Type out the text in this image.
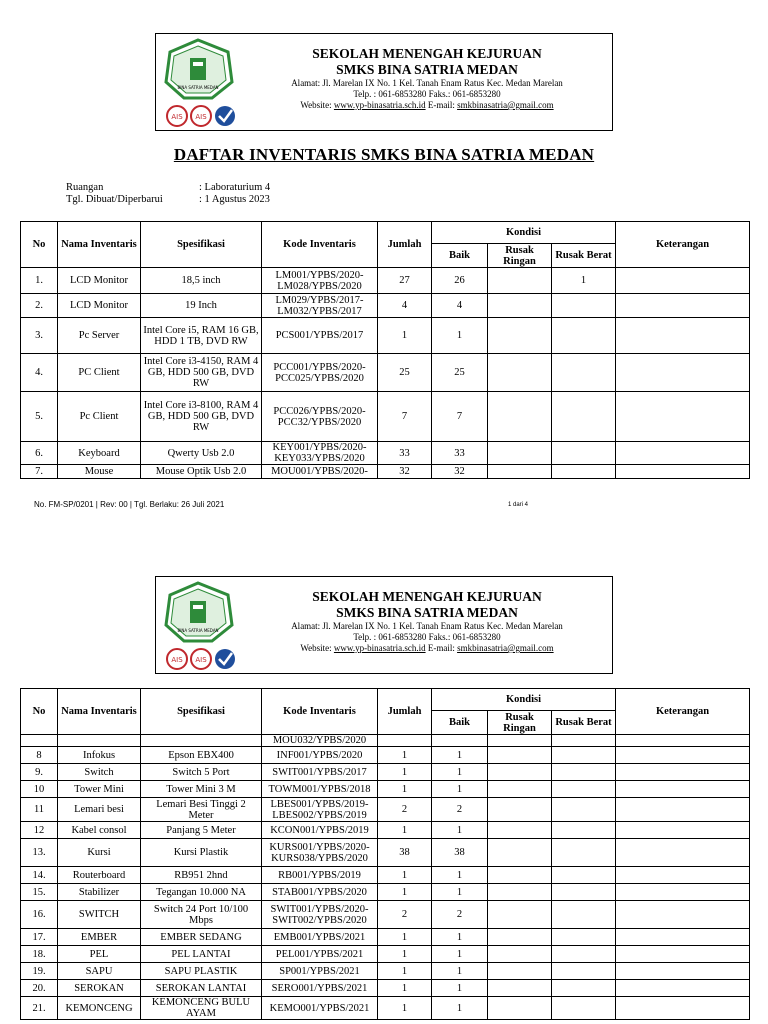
BINA SATRIA MEDAN
AIS AIS
SEKOLAH MENENGAH KEJURUAN
SMKS BINA SATRIA MEDAN
Alamat: Jl. Marelan IX No. 1 Kel. Tanah Enam Ratus Kec. Medan Marelan
Telp. : 061-6853280 Faks.: 061-6853280
Website: www.yp-binasatria.sch.id E-mail: smkbinasatria@gmail.com
DAFTAR INVENTARIS SMKS BINA SATRIA MEDAN
Ruangan	: Laboraturium 4
Tgl. Dibuat/Diperbarui	: 1 Agustus 2023
No	Nama Inventaris	Spesifikasi	Kode Inventaris	Jumlah	Kondisi			Keterangan
					Baik	Rusak Ringan	Rusak Berat	
1.	LCD Monitor	18,5 inch	LM001/YPBS/2020-LM028/YPBS/2020	27	26		1	
2.	LCD Monitor	19 Inch	LM029/YPBS/2017-LM032/YPBS/2017	4	4			
3.	Pc Server	Intel Core i5, RAM 16 GB, HDD 1 TB, DVD RW	PCS001/YPBS/2017	1	1			
4.	PC Client	Intel Core i3-4150, RAM 4 GB, HDD 500 GB, DVD RW	PCC001/YPBS/2020-PCC025/YPBS/2020	25	25			
5.	Pc Client	Intel Core i3-8100, RAM 4 GB, HDD 500 GB, DVD RW	PCC026/YPBS/2020-PCC32/YPBS/2020	7	7			
6.	Keyboard	Qwerty Usb 2.0	KEY001/YPBS/2020-KEY033/YPBS/2020	33	33			
7.	Mouse	Mouse Optik Usb 2.0	MOU001/YPBS/2020-	32	32			
No. FM-SP/0201 | Rev: 00 | Tgl. Berlaku: 26 Juli 2021	1 dari 4
BINA SATRIA MEDAN
AIS AIS
SEKOLAH MENENGAH KEJURUAN
SMKS BINA SATRIA MEDAN
Alamat: Jl. Marelan IX No. 1 Kel. Tanah Enam Ratus Kec. Medan Marelan
Telp. : 061-6853280 Faks.: 061-6853280
Website: www.yp-binasatria.sch.id E-mail: smkbinasatria@gmail.com
No	Nama Inventaris	Spesifikasi	Kode Inventaris	Jumlah	Kondisi			Keterangan
					Baik	Rusak Ringan	Rusak Berat	
			MOU032/YPBS/2020					
8	Infokus	Epson EBX400	INF001/YPBS/2020	1	1			
9.	Switch	Switch 5 Port	SWIT001/YPBS/2017	1	1			
10	Tower Mini	Tower Mini 3 M	TOWM001/YPBS/2018	1	1			
11	Lemari besi	Lemari Besi Tinggi 2 Meter	LBES001/YPBS/2019-LBES002/YPBS/2019	2	2			
12	Kabel consol	Panjang 5 Meter	KCON001/YPBS/2019	1	1			
13.	Kursi	Kursi Plastik	KURS001/YPBS/2020-KURS038/YPBS/2020	38	38			
14.	Routerboard	RB951 2hnd	RB001/YPBS/2019	1	1			
15.	Stabilizer	Tegangan 10.000 NA	STAB001/YPBS/2020	1	1			
16.	SWITCH	Switch 24 Port 10/100 Mbps	SWIT001/YPBS/2020-SWIT002/YPBS/2020	2	2			
17.	EMBER	EMBER SEDANG	EMB001/YPBS/2021	1	1			
18.	PEL	PEL LANTAI	PEL001/YPBS/2021	1	1			
19.	SAPU	SAPU PLASTIK	SP001/YPBS/2021	1	1			
20.	SEROKAN	SEROKAN LANTAI	SERO001/YPBS/2021	1	1			
21.	KEMONCENG	KEMONCENG BULU AYAM	KEMO001/YPBS/2021	1	1			
